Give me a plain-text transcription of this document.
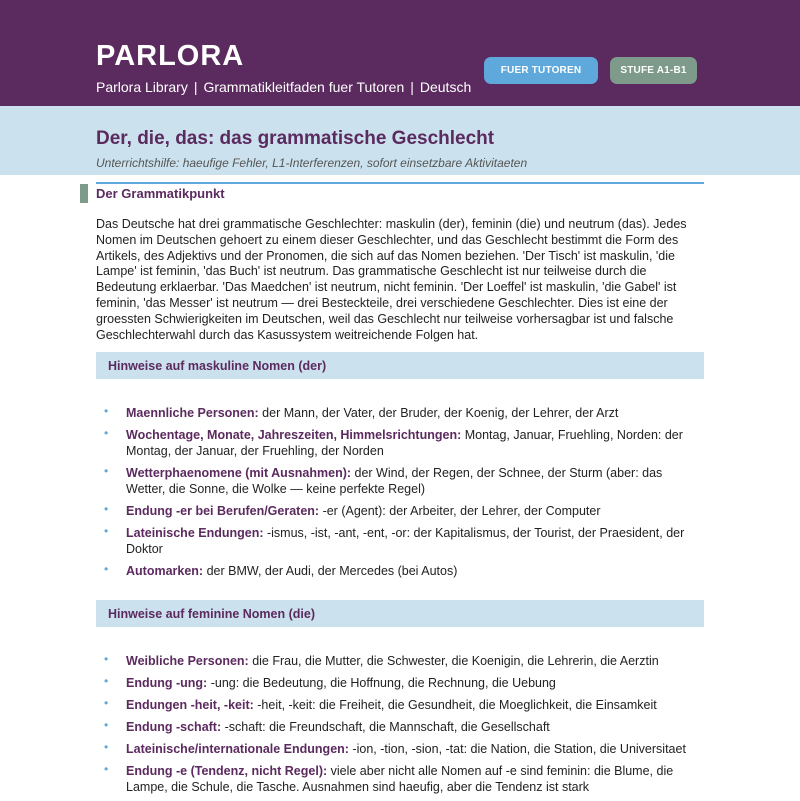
PARLORA
Parlora Library | Grammatikleitfaden fuer Tutoren | Deutsch
FUER TUTOREN	STUFE A1-B1
Der, die, das: das grammatische Geschlecht
Unterrichtshilfe: haeufige Fehler, L1-Interferenzen, sofort einsetzbare Aktivitaeten
Der Grammatikpunkt

Das Deutsche hat drei grammatische Geschlechter: maskulin (der), feminin (die) und neutrum (das). Jedes Nomen im Deutschen gehoert zu einem dieser Geschlechter, und das Geschlecht bestimmt die Form des Artikels, des Adjektivs und der Pronomen, die sich auf das Nomen beziehen. 'Der Tisch' ist maskulin, 'die Lampe' ist feminin, 'das Buch' ist neutrum. Das grammatische Geschlecht ist nur teilweise durch die Bedeutung erklaerbar. 'Das Maedchen' ist neutrum, nicht feminin. 'Der Loeffel' ist maskulin, 'die Gabel' ist feminin, 'das Messer' ist neutrum — drei Besteckteile, drei verschiedene Geschlechter. Dies ist eine der groessten Schwierigkeiten im Deutschen, weil das Geschlecht nur teilweise vorhersagbar ist und falsche Geschlechterwahl durch das Kasussystem weitreichende Folgen hat.

Hinweise auf maskuline Nomen (der)
• Maennliche Personen: der Mann, der Vater, der Bruder, der Koenig, der Lehrer, der Arzt
• Wochentage, Monate, Jahreszeiten, Himmelsrichtungen: Montag, Januar, Fruehling, Norden: der Montag, der Januar, der Fruehling, der Norden
• Wetterphaenomene (mit Ausnahmen): der Wind, der Regen, der Schnee, der Sturm (aber: das Wetter, die Sonne, die Wolke — keine perfekte Regel)
• Endung -er bei Berufen/Geraten: -er (Agent): der Arbeiter, der Lehrer, der Computer
• Lateinische Endungen: -ismus, -ist, -ant, -ent, -or: der Kapitalismus, der Tourist, der Praesident, der Doktor
• Automarken: der BMW, der Audi, der Mercedes (bei Autos)
Hinweise auf feminine Nomen (die)
• Weibliche Personen: die Frau, die Mutter, die Schwester, die Koenigin, die Lehrerin, die Aerztin
• Endung -ung: -ung: die Bedeutung, die Hoffnung, die Rechnung, die Uebung
• Endungen -heit, -keit: -heit, -keit: die Freiheit, die Gesundheit, die Moeglichkeit, die Einsamkeit
• Endung -schaft: -schaft: die Freundschaft, die Mannschaft, die Gesellschaft
• Lateinische/internationale Endungen: -ion, -tion, -sion, -tat: die Nation, die Station, die Universitaet
• Endung -e (Tendenz, nicht Regel): viele aber nicht alle Nomen auf -e sind feminin: die Blume, die Lampe, die Schule, die Tasche. Ausnahmen sind haeufig, aber die Tendenz ist stark
